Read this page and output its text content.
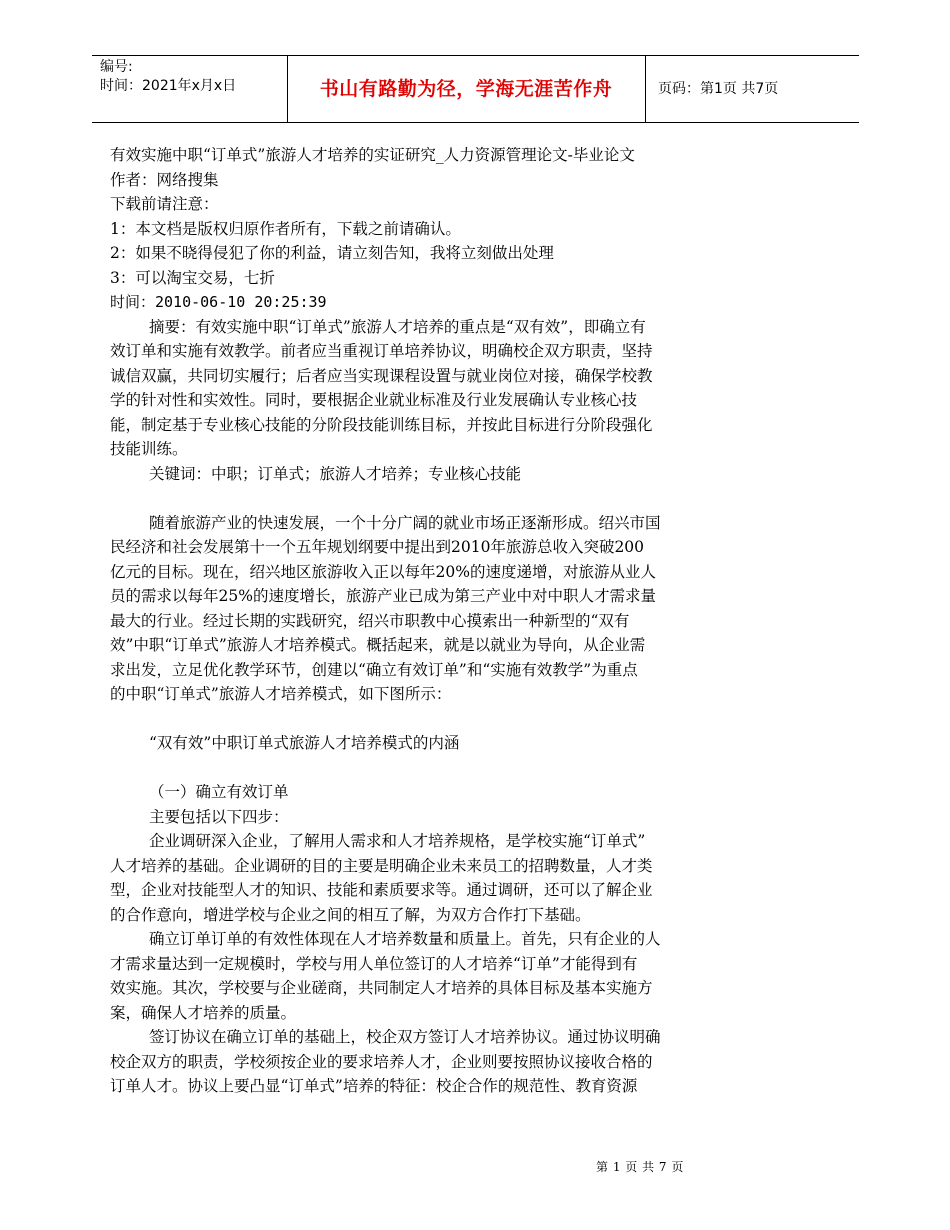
编号:
时间：2021年x月x日	书山有路勤为径，学海无涯苦作舟	页码：第1页 共7页

有效实施中职“订单式”旅游人才培养的实证研究_人力资源管理论文-毕业论文

作者：网络搜集

下载前请注意：

1：本文档是版权归原作者所有，下载之前请确认。

2：如果不晓得侵犯了你的利益，请立刻告知，我将立刻做出处理

3：可以淘宝交易，七折

时间：2010-06-10 20:25:39

摘要：有效实施中职“订单式”旅游人才培养的重点是“双有效”，即确立有

效订单和实施有效教学。前者应当重视订单培养协议，明确校企双方职责，坚持

诚信双赢，共同切实履行；后者应当实现课程设置与就业岗位对接，确保学校教

学的针对性和实效性。同时，要根据企业就业标准及行业发展确认专业核心技

能，制定基于专业核心技能的分阶段技能训练目标，并按此目标进行分阶段强化

技能训练。

关键词：中职；订单式；旅游人才培养；专业核心技能

随着旅游产业的快速发展，一个十分广阔的就业市场正逐渐形成。绍兴市国

民经济和社会发展第十一个五年规划纲要中提出到2010年旅游总收入突破200

亿元的目标。现在，绍兴地区旅游收入正以每年20%的速度递增，对旅游从业人

员的需求以每年25%的速度增长，旅游产业已成为第三产业中对中职人才需求量

最大的行业。经过长期的实践研究，绍兴市职教中心摸索出一种新型的“双有

效”中职“订单式”旅游人才培养模式。概括起来，就是以就业为导向，从企业需

求出发，立足优化教学环节，创建以“确立有效订单”和“实施有效教学”为重点

的中职“订单式”旅游人才培养模式，如下图所示：

“双有效”中职订单式旅游人才培养模式的内涵

（一）确立有效订单

主要包括以下四步：

企业调研深入企业，了解用人需求和人才培养规格，是学校实施“订单式”

人才培养的基础。企业调研的目的主要是明确企业未来员工的招聘数量，人才类

型，企业对技能型人才的知识、技能和素质要求等。通过调研，还可以了解企业

的合作意向，增进学校与企业之间的相互了解，为双方合作打下基础。

确立订单订单的有效性体现在人才培养数量和质量上。首先，只有企业的人

才需求量达到一定规模时，学校与用人单位签订的人才培养“订单”才能得到有

效实施。其次，学校要与企业磋商，共同制定人才培养的具体目标及基本实施方

案，确保人才培养的质量。

签订协议在确立订单的基础上，校企双方签订人才培养协议。通过协议明确

校企双方的职责，学校须按企业的要求培养人才，企业则要按照协议接收合格的

订单人才。协议上要凸显“订单式”培养的特征：校企合作的规范性、教育资源

第 1 页 共 7 页
